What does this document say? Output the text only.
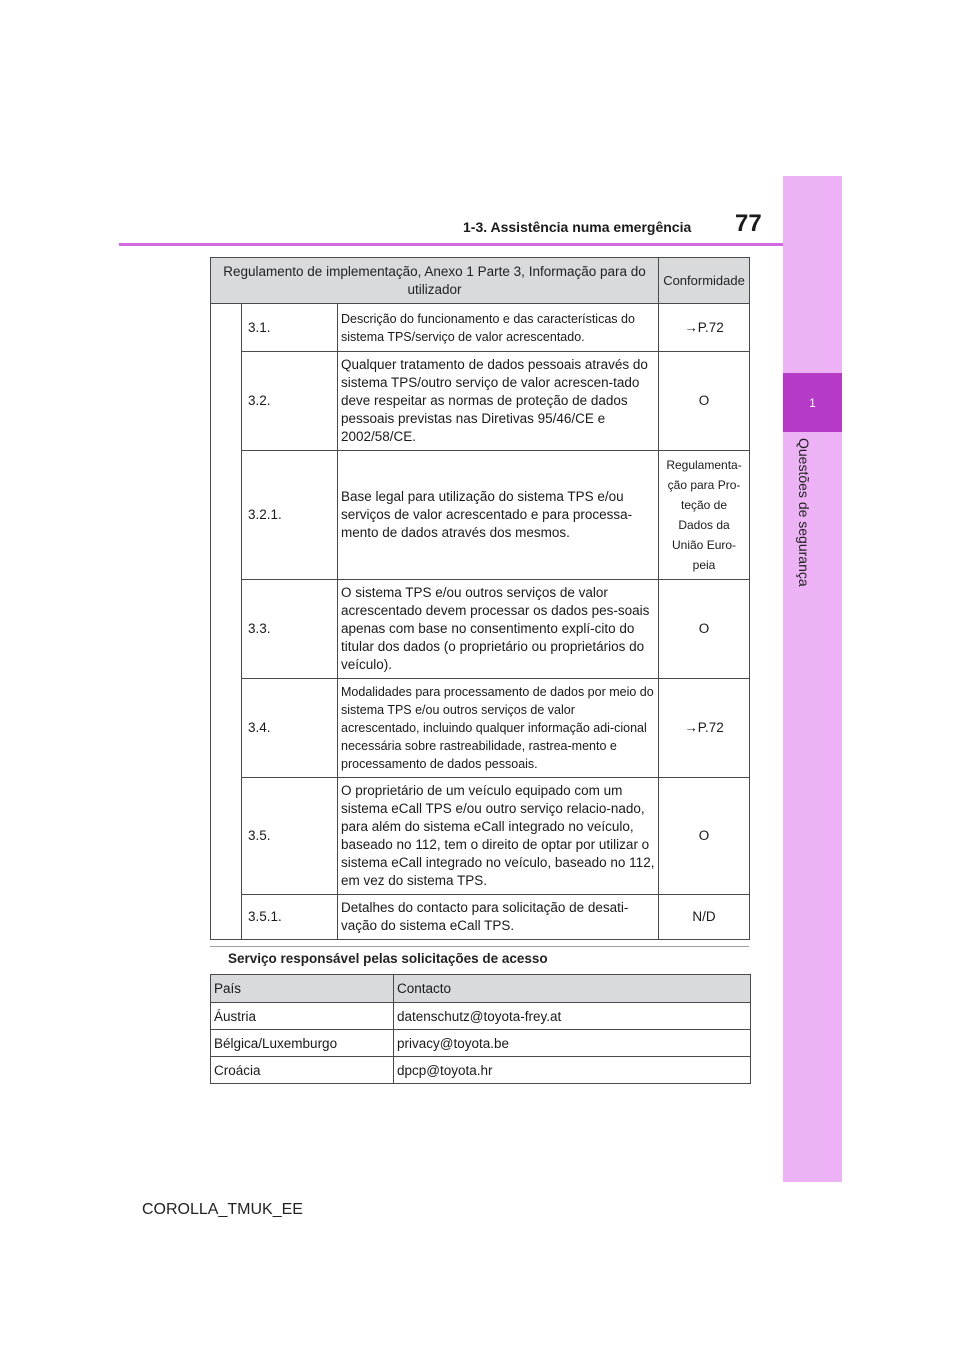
1
Questões de segurança
1-3. Assistência numa emergência 77
Regulamento de implementação, Anexo 1 Parte 3, Informação para do utilizador			Conformidade
	3.1.	Descrição do funcionamento e das características do sistema TPS/serviço de valor acrescentado.	→P.72
	3.2.	Qualquer tratamento de dados pessoais através do sistema TPS/outro serviço de valor acrescen-tado deve respeitar as normas de proteção de dados pessoais previstas nas Diretivas 95/46/CE e 2002/58/CE.	O
	3.2.1.	Base legal para utilização do sistema TPS e/ou serviços de valor acrescentado e para processa-mento de dados através dos mesmos.	Regulamenta-ção para Pro-teção de Dados da União Euro-peia
	3.3.	O sistema TPS e/ou outros serviços de valor acrescentado devem processar os dados pes-soais apenas com base no consentimento explí-cito do titular dos dados (o proprietário ou proprietários do veículo).	O
	3.4.	Modalidades para processamento de dados por meio do sistema TPS e/ou outros serviços de valor acrescentado, incluindo qualquer informação adi-cional necessária sobre rastreabilidade, rastrea-mento e processamento de dados pessoais.	→P.72
	3.5.	O proprietário de um veículo equipado com um sistema eCall TPS e/ou outro serviço relacio-nado, para além do sistema eCall integrado no veículo, baseado no 112, tem o direito de optar por utilizar o sistema eCall integrado no veículo, baseado no 112, em vez do sistema TPS.	O
	3.5.1.	Detalhes do contacto para solicitação de desati-vação do sistema eCall TPS.	N/D
Serviço responsável pelas solicitações de acesso
País	Contacto
Áustria	datenschutz@toyota-frey.at
Bélgica/Luxemburgo	privacy@toyota.be
Croácia	dpcp@toyota.hr
COROLLA_TMUK_EE
